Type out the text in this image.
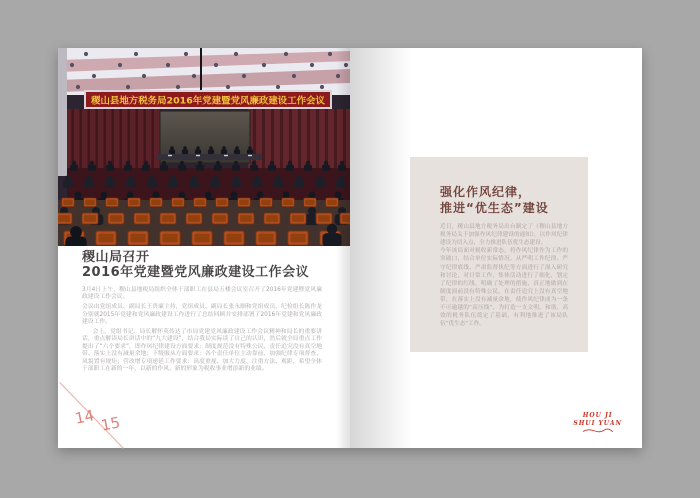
稷山县地方税务局2016年党建暨党风廉政建设工作会议
稷山局召开
2016年党建暨党风廉政建设工作会议

3月4日上午，稷山县地税局组织全体干部职工在县局五楼会议室召开了2016年党建暨党风廉政建设工作会议。

会议由党组成员、副局长王贵廉主持，党组成员、副局长张永顺和党组成员、纪检组长陈作龙分别就2015年党建和党风廉政建设工作进行了总结回顾并安排部署了2016年党建和党风廉政建设工作。

会上，党组书记、局长解怀英传达了市局党建党风廉政建设工作会议精神和局长的重要讲话，重点解读局长讲话中的“九大建设”，结合我局实际谈了自己的认识，然后就全局重点工作提出了“六个要求”，即作风纪律建设方面要求：制度规范没有特殊公民、责任追究没有真空地带、落实上没有减量余地；下级服从方面要求：各个责任单位主动靠前、加强纪律专项督查、风貌置有规矩；营改增专项递延工作要求：高度重视、加大力度、注重方法、观距，希望全体干部职工在新的一年，以新的作风、新的形象为税收事业增添新的业绩。

14 15
强化作风纪律，
推进“优生态”建设

近日，稷山县地方税务局出台制定了《稷山县地方税务局关于加强作风纪律建设的通知》，以作风纪律建设为切入点，全力推进队伍优生态建设。

今年该局面对税收新常态，将作风纪律作为工作的突破口，结合单位实际情况，从严明工作纪律、严守纪律底线、严肃监督执纪等方面进行了深入研究和讨论，对日常工作、集体活动进行了细化，划定了纪律的红线，明确了处理的措施，真正地做到在制度面前没有特殊公民，在责任追究上没有真空地带，在落实上没有减量余地，使作风纪律成为一条不可逾越的“高压线”，为打造一支文明、和谐、高效的税务队伍奠定了基础，有利地推进了该局队伍“优生态”工作。

HOU JI
SHUI YUAN
